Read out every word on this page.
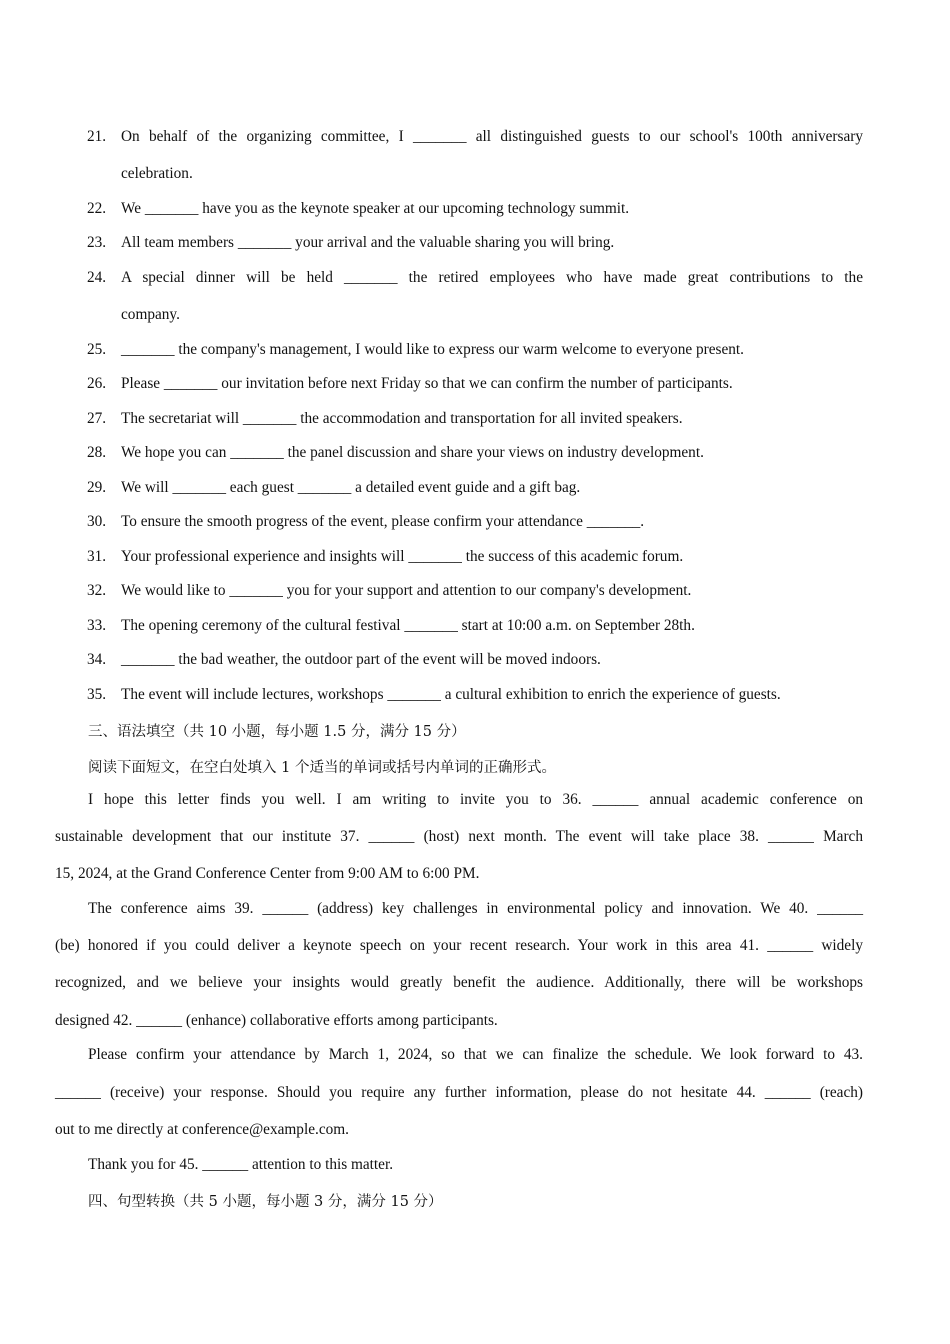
21. On behalf of the organizing committee, I _______ all distinguished guests to our school's 100th anniversary
celebration.
22. We _______ have you as the keynote speaker at our upcoming technology summit.
23. All team members _______ your arrival and the valuable sharing you will bring.
24. A special dinner will be held _______ the retired employees who have made great contributions to the
company.
25. _______ the company's management, I would like to express our warm welcome to everyone present.
26. Please _______ our invitation before next Friday so that we can confirm the number of participants.
27. The secretariat will _______ the accommodation and transportation for all invited speakers.
28. We hope you can _______ the panel discussion and share your views on industry development.
29. We will _______ each guest _______ a detailed event guide and a gift bag.
30. To ensure the smooth progress of the event, please confirm your attendance _______.
31. Your professional experience and insights will _______ the success of this academic forum.
32. We would like to _______ you for your support and attention to our company's development.
33. The opening ceremony of the cultural festival _______ start at 10:00 a.m. on September 28th.
34. _______ the bad weather, the outdoor part of the event will be moved indoors.
35. The event will include lectures, workshops _______ a cultural exhibition to enrich the experience of guests.
三、语法填空（共 10 小题，每小题 1.5 分，满分 15 分）
阅读下面短文，在空白处填入 1 个适当的单词或括号内单词的正确形式。
I hope this letter finds you well. I am writing to invite you to 36. ______ annual academic conference on
sustainable development that our institute 37. ______ (host) next month. The event will take place 38. ______ March
15, 2024, at the Grand Conference Center from 9:00 AM to 6:00 PM.
The conference aims 39. ______ (address) key challenges in environmental policy and innovation. We 40. ______
(be) honored if you could deliver a keynote speech on your recent research. Your work in this area 41. ______ widely
recognized, and we believe your insights would greatly benefit the audience. Additionally, there will be workshops
designed 42. ______ (enhance) collaborative efforts among participants.
Please confirm your attendance by March 1, 2024, so that we can finalize the schedule. We look forward to 43.
______ (receive) your response. Should you require any further information, please do not hesitate 44. ______ (reach)
out to me directly at conference@example.com.
Thank you for 45. ______ attention to this matter.
四、句型转换（共 5 小题，每小题 3 分，满分 15 分）
